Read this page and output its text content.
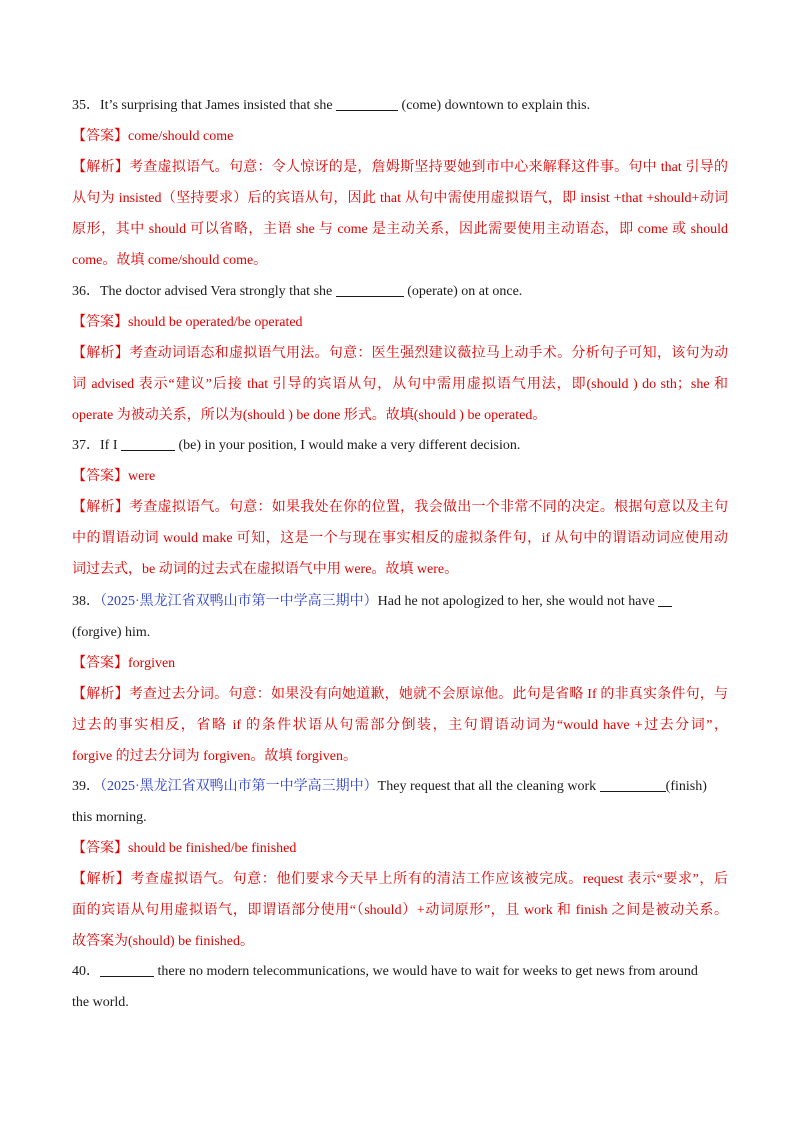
35．It’s surprising that James insisted that she	(come) downtown to explain this.
【答案】come/should come
【解析】考查虚拟语气。句意：令人惊讶的是，詹姆斯坚持要她到市中心来解释这件事。句中 that 引导的
从句为 insisted（坚持要求）后的宾语从句，因此 that 从句中需使用虚拟语气，即 insist +that +should+动词
原形，其中 should 可以省略，主语 she 与 come 是主动关系，因此需要使用主动语态，即 come 或 should
come。故填 come/should come。
36．The doctor advised Vera strongly that she	(operate) on at once.
【答案】should be operated/be operated
【解析】考查动词语态和虚拟语气用法。句意：医生强烈建议薇拉马上动手术。分析句子可知，该句为动
词 advised 表示“建议”后接 that 引导的宾语从句，从句中需用虚拟语气用法，即(should ) do sth；she 和
operate 为被动关系，所以为(should ) be done 形式。故填(should ) be operated。
37．If I	(be) in your position, I would make a very different decision.
【答案】were
【解析】考查虚拟语气。句意：如果我处在你的位置，我会做出一个非常不同的决定。根据句意以及主句
中的谓语动词 would make 可知，这是一个与现在事实相反的虚拟条件句，if 从句中的谓语动词应使用动
词过去式，be 动词的过去式在虚拟语气中用 were。故填 were。
38．（2025·黑龙江省双鸭山市第一中学高三期中）Had he not apologized to her, she would not have
(forgive) him.
【答案】forgiven
【解析】考查过去分词。句意：如果没有向她道歉，她就不会原谅他。此句是省略 If 的非真实条件句，与
过去的事实相反，省略 if 的条件状语从句需部分倒装，主句谓语动词为“would have +过去分词”，
forgive 的过去分词为 forgiven。故填 forgiven。
39．（2025·黑龙江省双鸭山市第一中学高三期中）They request that all the cleaning work	(finish)
this morning.
【答案】should be finished/be finished
【解析】考查虚拟语气。句意：他们要求今天早上所有的清洁工作应该被完成。request 表示“要求”，后
面的宾语从句用虚拟语气，即谓语部分使用“（should）+动词原形”，且 work 和 finish 之间是被动关系。
故答案为(should) be finished。
40．	there no modern telecommunications, we would have to wait for weeks to get news from around
the world.
